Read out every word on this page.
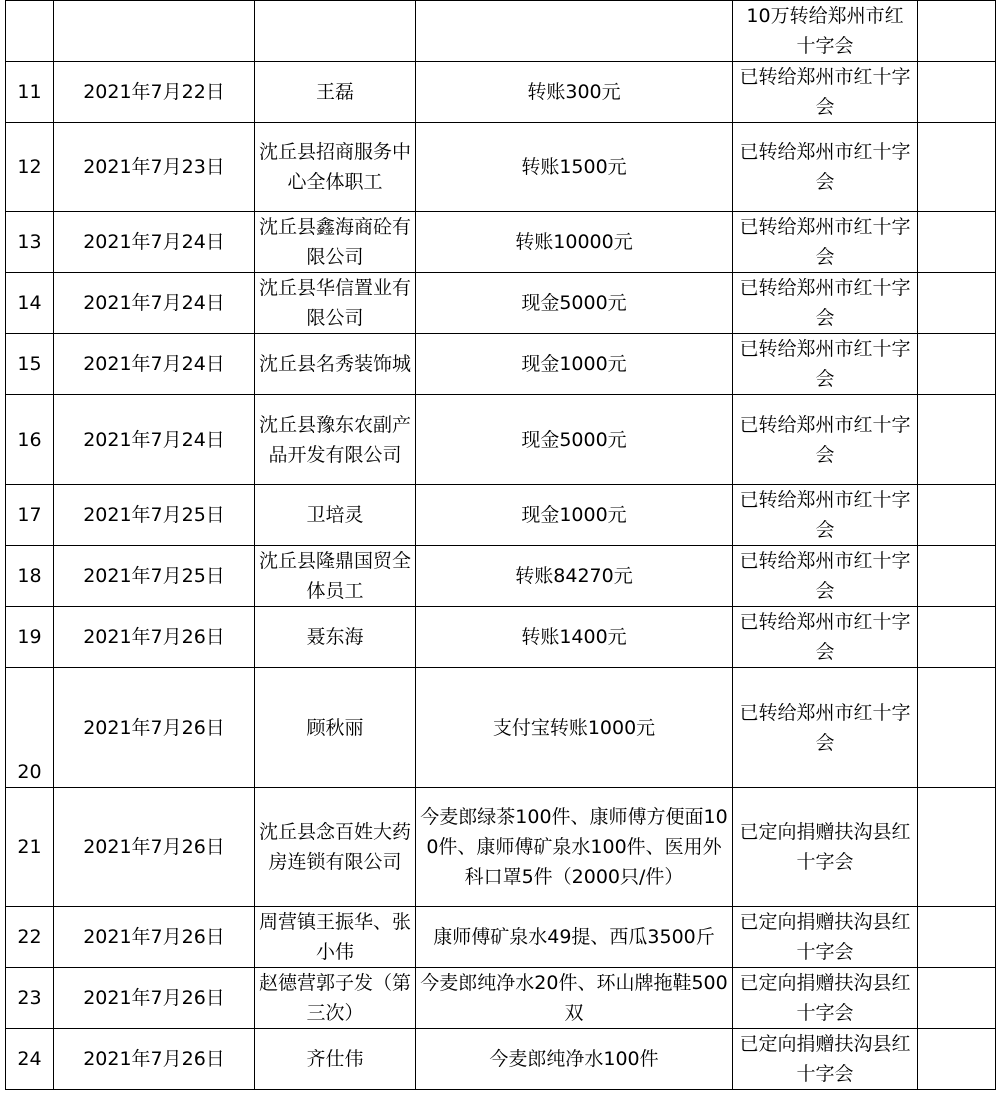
				10万转给郑州市红十字会	
11	2021年7月22日	王磊	转账300元	已转给郑州市红十字会	
12	2021年7月23日	沈丘县招商服务中心全体职工	转账1500元	已转给郑州市红十字会	
13	2021年7月24日	沈丘县鑫海商砼有限公司	转账10000元	已转给郑州市红十字会	
14	2021年7月24日	沈丘县华信置业有限公司	现金5000元	已转给郑州市红十字会	
15	2021年7月24日	沈丘县名秀装饰城	现金1000元	已转给郑州市红十字会	
16	2021年7月24日	沈丘县豫东农副产品开发有限公司	现金5000元	已转给郑州市红十字会	
17	2021年7月25日	卫培灵	现金1000元	已转给郑州市红十字会	
18	2021年7月25日	沈丘县隆鼎国贸全体员工	转账84270元	已转给郑州市红十字会	
19	2021年7月26日	聂东海	转账1400元	已转给郑州市红十字会	
20	2021年7月26日	顾秋丽	支付宝转账1000元	已转给郑州市红十字会	
21	2021年7月26日	沈丘县念百姓大药房连锁有限公司	今麦郎绿茶100件、康师傅方便面100件、康师傅矿泉水100件、医用外科口罩5件（2000只/件）	已定向捐赠扶沟县红十字会	
22	2021年7月26日	周营镇王振华、张小伟	康师傅矿泉水49提、西瓜3500斤	已定向捐赠扶沟县红十字会	
23	2021年7月26日	赵德营郭子发（第三次）	今麦郎纯净水20件、环山牌拖鞋500双	已定向捐赠扶沟县红十字会	
24	2021年7月26日	齐仕伟	今麦郎纯净水100件	已定向捐赠扶沟县红十字会	
